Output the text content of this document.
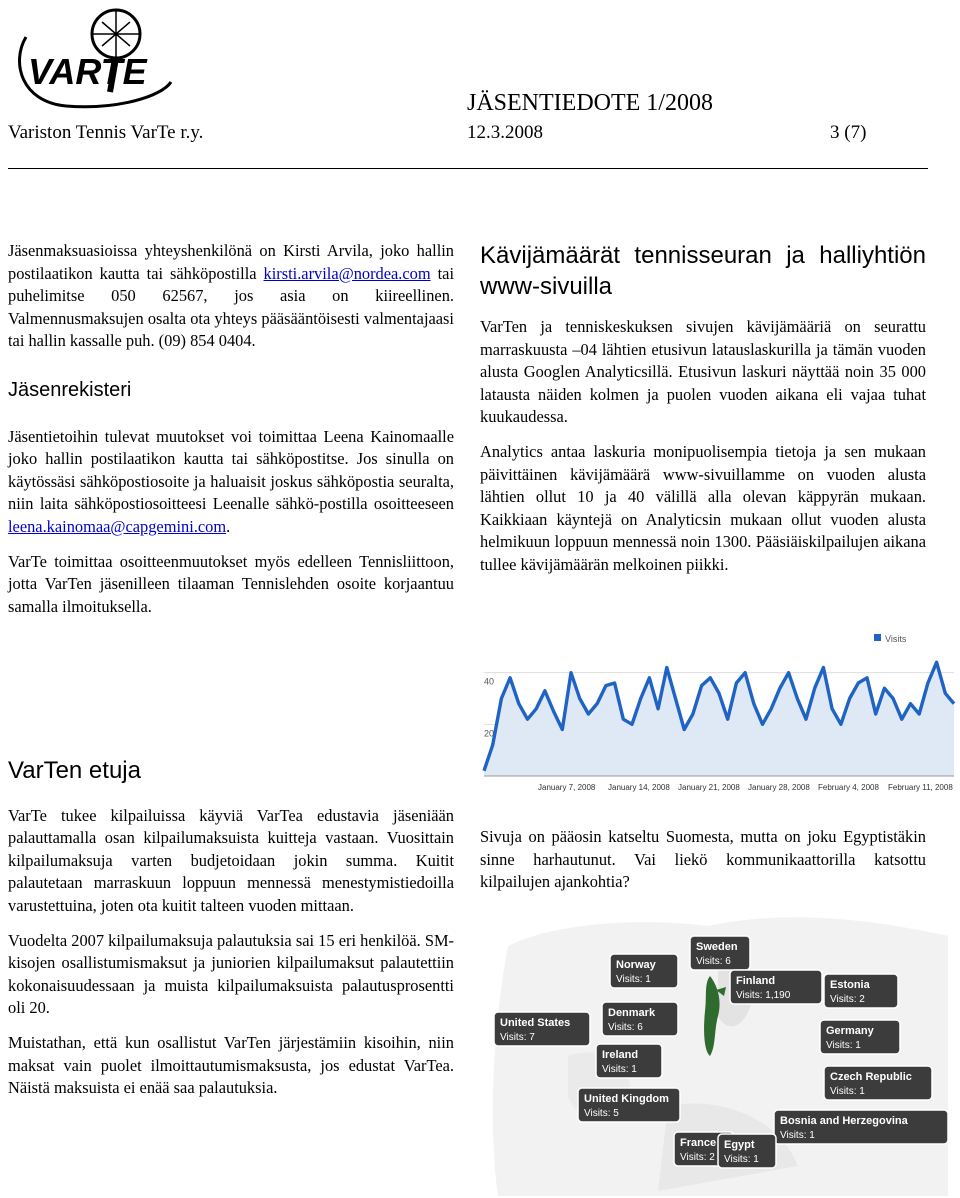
VARTE
JÄSENTIEDOTE 1/2008
Variston Tennis VarTe r.y.	12.3.2008	3 (7)

Jäsenmaksuasioissa yhteyshenkilönä on Kirsti Arvila, joko hallin postilaatikon kautta tai sähköpostilla kirsti.arvila@nordea.com tai puhelimitse 050 62567, jos asia on kiireellinen. Valmennusmaksujen osalta ota yhteys pääsääntöisesti valmentajaasi tai hallin kassalle puh. (09) 854 0404.

Jäsenrekisteri

Jäsentietoihin tulevat muutokset voi toimittaa Leena Kainomaalle joko hallin postilaatikon kautta tai sähköpostitse. Jos sinulla on käytössäsi sähköpostiosoite ja haluaisit joskus sähköpostia seuralta, niin laita sähköpostiosoitteesi Leenalle sähkö-postilla osoitteeseen leena.kainomaa@capgemini.com.

VarTe toimittaa osoitteenmuutokset myös edelleen Tennisliittoon, jotta VarTen jäsenilleen tilaaman Tennislehden osoite korjaantuu samalla ilmoituksella.

VarTen etuja

VarTe tukee kilpailuissa käyviä VarTea edustavia jäseniään palauttamalla osan kilpailumaksuista kuitteja vastaan. Vuosittain kilpailumaksuja varten budjetoidaan jokin summa. Kuitit palautetaan marraskuun loppuun mennessä menestymistiedoilla varustettuina, joten ota kuitit talteen vuoden mittaan.

Vuodelta 2007 kilpailumaksuja palautuksia sai 15 eri henkilöä. SM-kisojen osallistumismaksut ja juniorien kilpailumaksut palautettiin kokonaisuudessaan ja muista kilpailumaksuista palautusprosentti oli 20.

Muistathan, että kun osallistut VarTen järjestämiin kisoihin, niin maksat vain puolet ilmoittautumismaksusta, jos edustat VarTea. Näistä maksuista ei enää saa palautuksia.

Kävijämäärät tennisseuran ja halliyhtiön www-sivuilla

VarTen ja tenniskeskuksen sivujen kävijämääriä on seurattu marraskuusta –04 lähtien etusivun latauslaskurilla ja tämän vuoden alusta Googlen Analyticsillä. Etusivun laskuri näyttää noin 35 000 latausta näiden kolmen ja puolen vuoden aikana eli vajaa tuhat kuukaudessa.

Analytics antaa laskuria monipuolisempia tietoja ja sen mukaan päivittäinen kävijämäärä www-sivuillamme on vuoden alusta lähtien ollut 10 ja 40 välillä alla olevan käppyrän mukaan. Kaikkiaan käyntejä on Analyticsin mukaan ollut vuoden alusta helmikuun loppuun mennessä noin 1300. Pääsiäiskilpailujen aikana tullee kävijämäärän melkoinen piikki.

20
40
January 7, 2008 January 14, 2008 January 21, 2008 January 28, 2008 February 4, 2008 February 11, 2008
Visits

Sivuja on pääosin katseltu Suomesta, mutta on joku Egyptistäkin sinne harhautunut. Vai liekö kommunikaattorilla katsottu kilpailujen ajankohtia?

Sweden
Visits: 6
Norway
Visits: 1	Finland
Visits: 1,190
Estonia
Visits: 2
Denmark
Visits: 6
United States
Visits: 7
Germany
Visits: 1
Ireland
Visits: 1
Czech Republic
Visits: 1
United Kingdom
Visits: 5
Bosnia and Herzegovina
Visits: 1
France
Visits: 2
Egypt
Visits: 1
